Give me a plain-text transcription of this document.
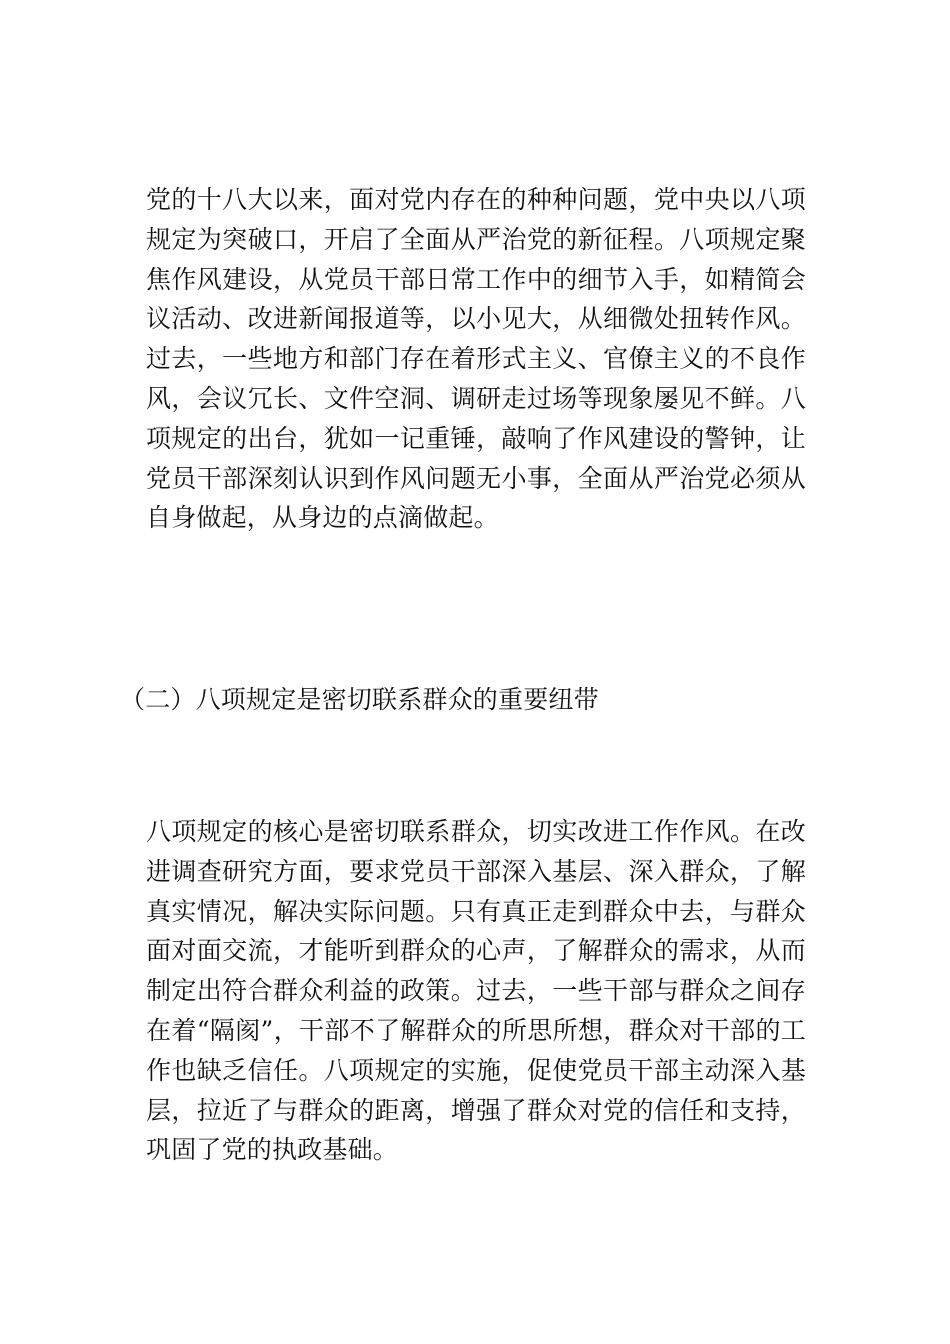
党的十八大以来，面对党内存在的种种问题，党中央以八项规定为突破口，开启了全面从严治党的新征程。八项规定聚焦作风建设，从党员干部日常工作中的细节入手，如精简会议活动、改进新闻报道等，以小见大，从细微处扭转作风。过去，一些地方和部门存在着形式主义、官僚主义的不良作风，会议冗长、文件空洞、调研走过场等现象屡见不鲜。八项规定的出台，犹如一记重锤，敲响了作风建设的警钟，让党员干部深刻认识到作风问题无小事，全面从严治党必须从自身做起，从身边的点滴做起。

（二）八项规定是密切联系群众的重要纽带

八项规定的核心是密切联系群众，切实改进工作作风。在改进调查研究方面，要求党员干部深入基层、深入群众，了解真实情况，解决实际问题。只有真正走到群众中去，与群众面对面交流，才能听到群众的心声，了解群众的需求，从而制定出符合群众利益的政策。过去，一些干部与群众之间存在着“隔阂”，干部不了解群众的所思所想，群众对干部的工作也缺乏信任。八项规定的实施，促使党员干部主动深入基层，拉近了与群众的距离，增强了群众对党的信任和支持，巩固了党的执政基础。
